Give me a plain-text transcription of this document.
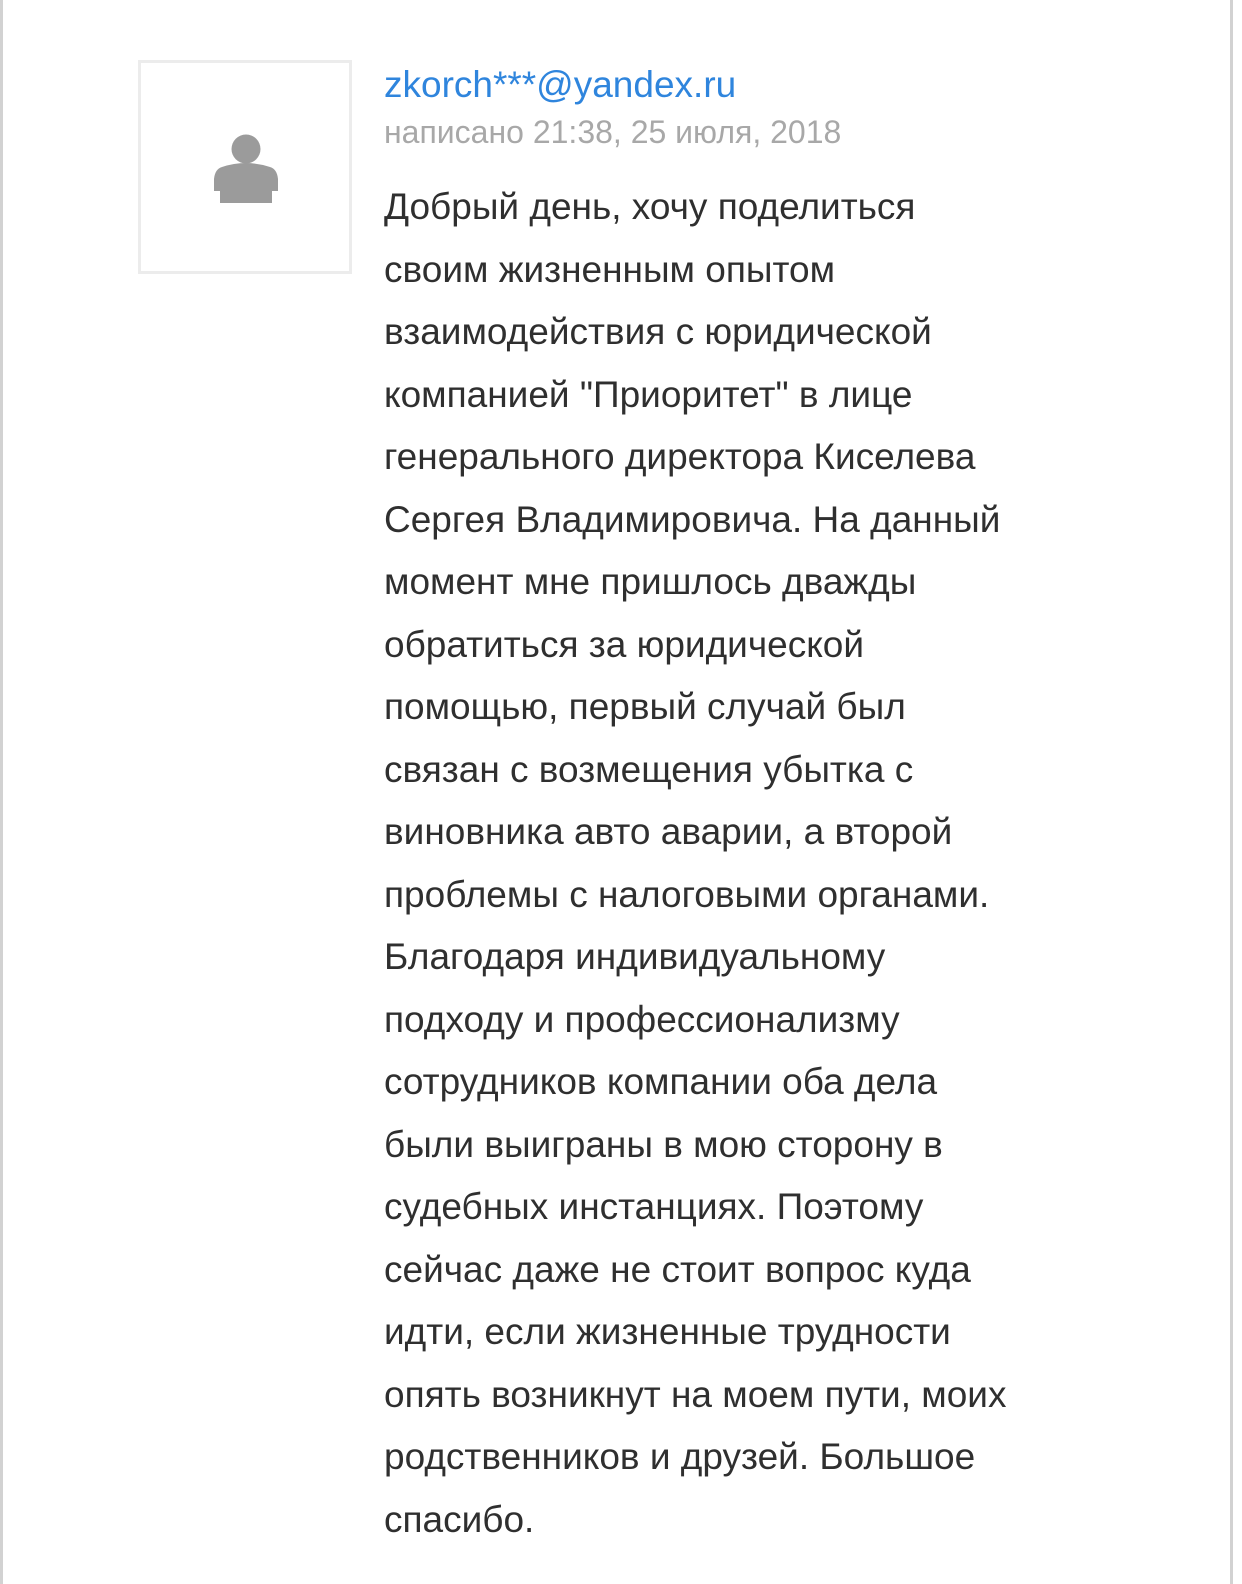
zkorch***@yandex.ru
написано 21:38, 25 июля, 2018
Добрый день, хочу поделиться
своим жизненным опытом
взаимодействия с юридической
компанией "Приоритет" в лице
генерального директора Киселева
Сергея Владимировича. На данный
момент мне пришлось дважды
обратиться за юридической
помощью, первый случай был
связан с возмещения убытка с
виновника авто аварии, а второй
проблемы с налоговыми органами.
Благодаря индивидуальному
подходу и профессионализму
сотрудников компании оба дела
были выиграны в мою сторону в
судебных инстанциях. Поэтому
сейчас даже не стоит вопрос куда
идти, если жизненные трудности
опять возникнут на моем пути, моих
родственников и друзей. Большое
спасибо.
